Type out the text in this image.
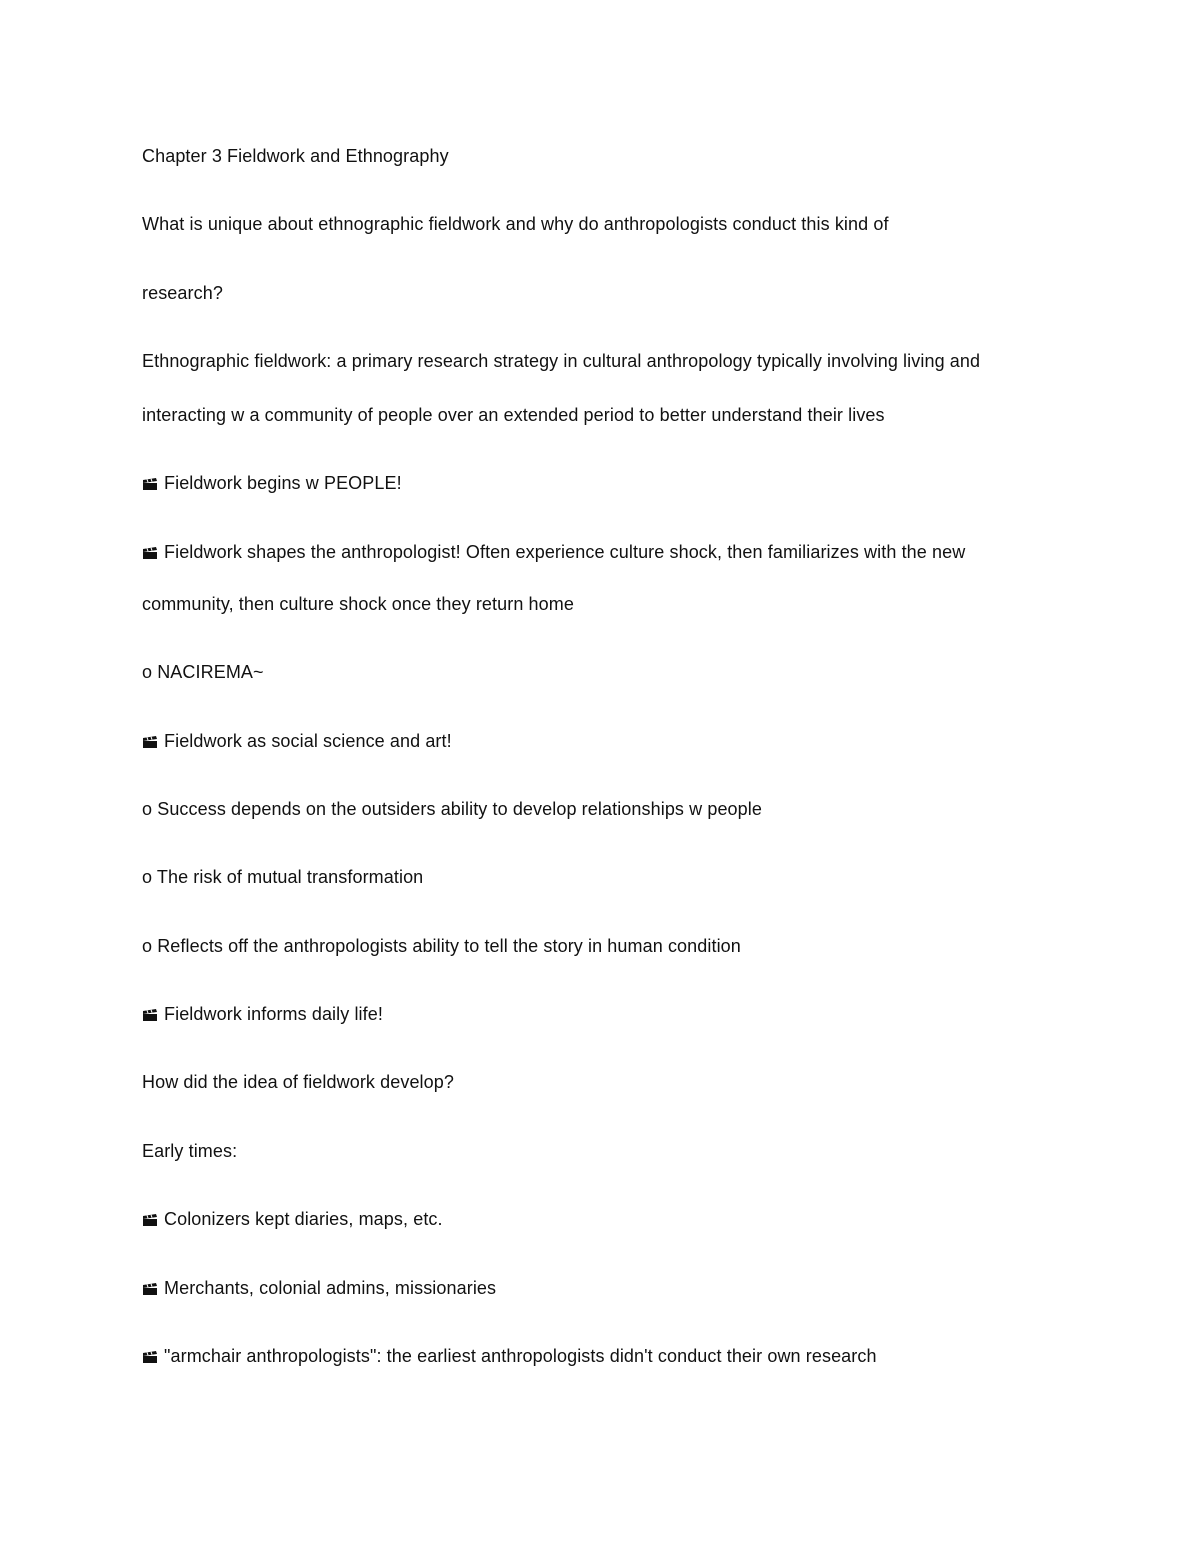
Chapter 3 Fieldwork and Ethnography
What is unique about ethnographic fieldwork and why do anthropologists conduct this kind of
research?
Ethnographic fieldwork: a primary research strategy in cultural anthropology typically involving living and
interacting w a community of people over an extended period to better understand their lives
Fieldwork begins w PEOPLE!
Fieldwork shapes the anthropologist! Often experience culture shock, then familiarizes with the new
community, then culture shock once they return home
o NACIREMA~
Fieldwork as social science and art!
o Success depends on the outsiders ability to develop relationships w people
o The risk of mutual transformation
o Reflects off the anthropologists ability to tell the story in human condition
Fieldwork informs daily life!
How did the idea of fieldwork develop?
Early times:
Colonizers kept diaries, maps, etc.
Merchants, colonial admins, missionaries
"armchair anthropologists": the earliest anthropologists didn't conduct their own research
